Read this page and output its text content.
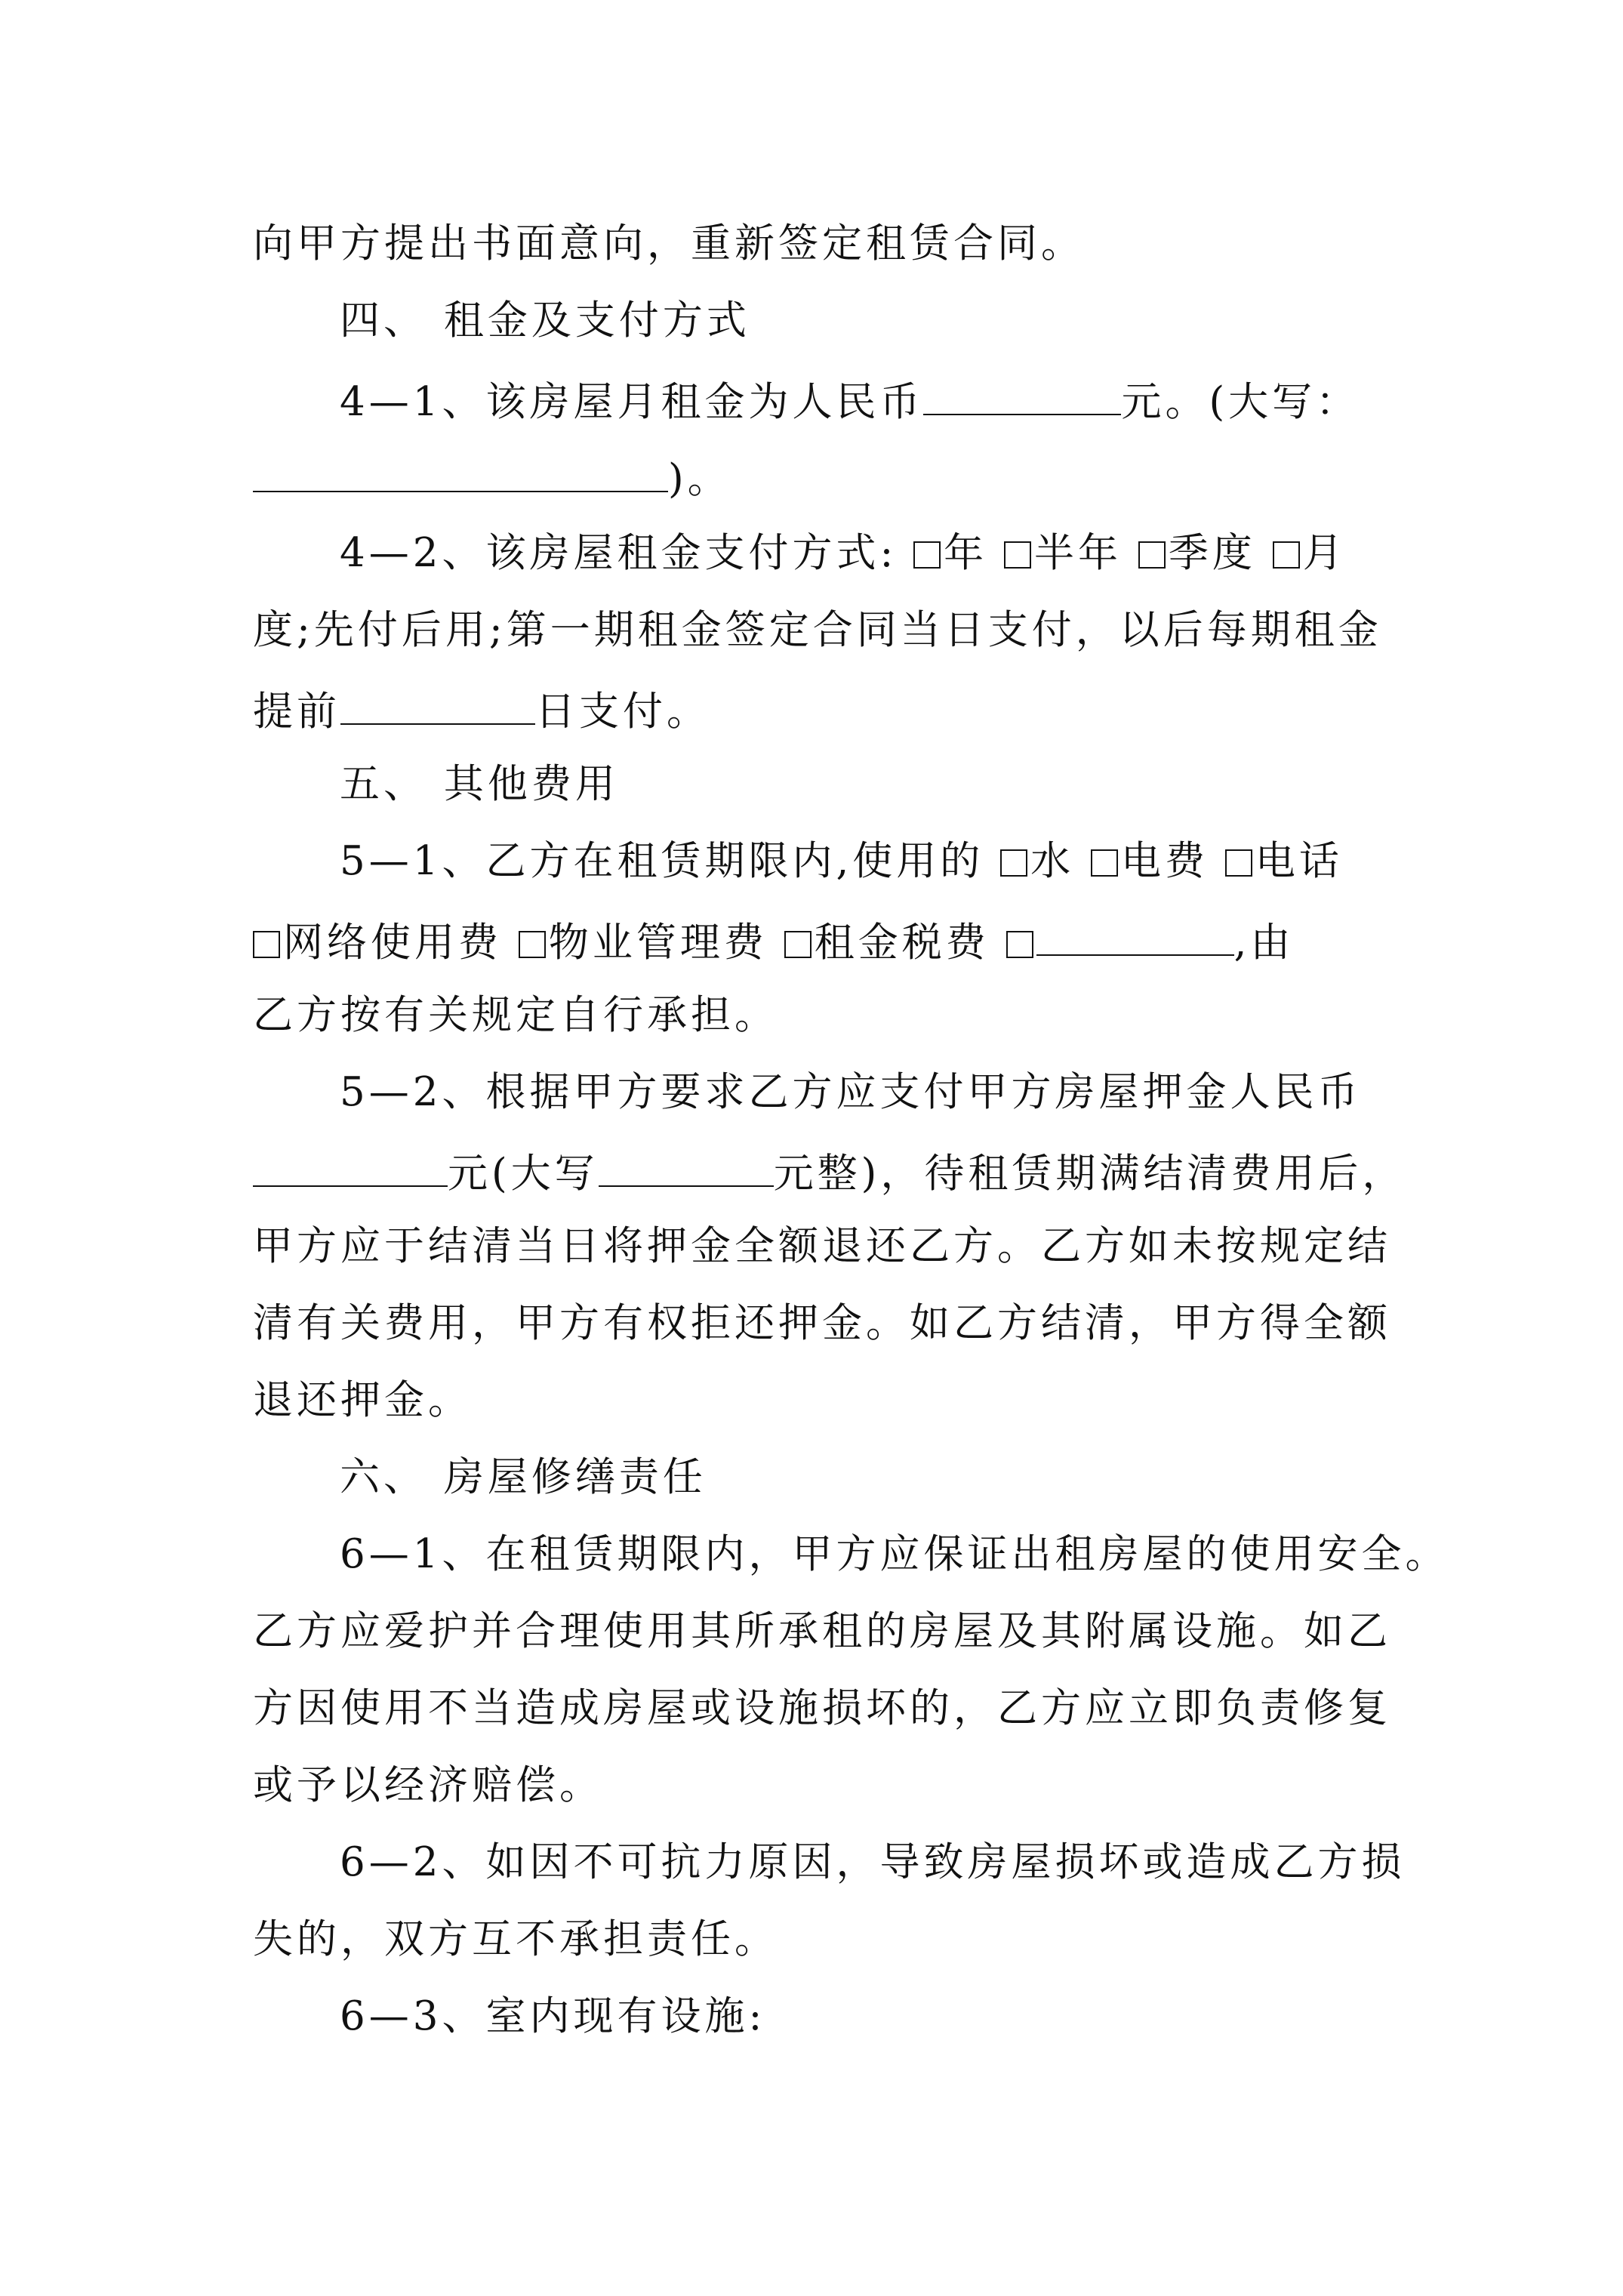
向甲方提出书面意向，重新签定租赁合同。
四、 租金及支付方式
4—1、该房屋月租金为人民币	元。(大写：
)。
4—2、该房屋租金支付方式: 年 半年 季度 月
度;先付后用;第一期租金签定合同当日支付，以后每期租金
提前	日支付。
五、 其他费用
5—1、乙方在租赁期限内,使用的 水 电费 电话
网络使用费 物业管理费 租金税费	,由
乙方按有关规定自行承担。
5—2、根据甲方要求乙方应支付甲方房屋押金人民币
元(大写	元整)，待租赁期满结清费用后，
甲方应于结清当日将押金全额退还乙方。乙方如未按规定结
清有关费用，甲方有权拒还押金。如乙方结清，甲方得全额
退还押金。
六、 房屋修缮责任
6—1、在租赁期限内，甲方应保证出租房屋的使用安全。
乙方应爱护并合理使用其所承租的房屋及其附属设施。如乙
方因使用不当造成房屋或设施损坏的，乙方应立即负责修复
或予以经济赔偿。
6—2、如因不可抗力原因，导致房屋损坏或造成乙方损
失的，双方互不承担责任。
6—3、室内现有设施:
